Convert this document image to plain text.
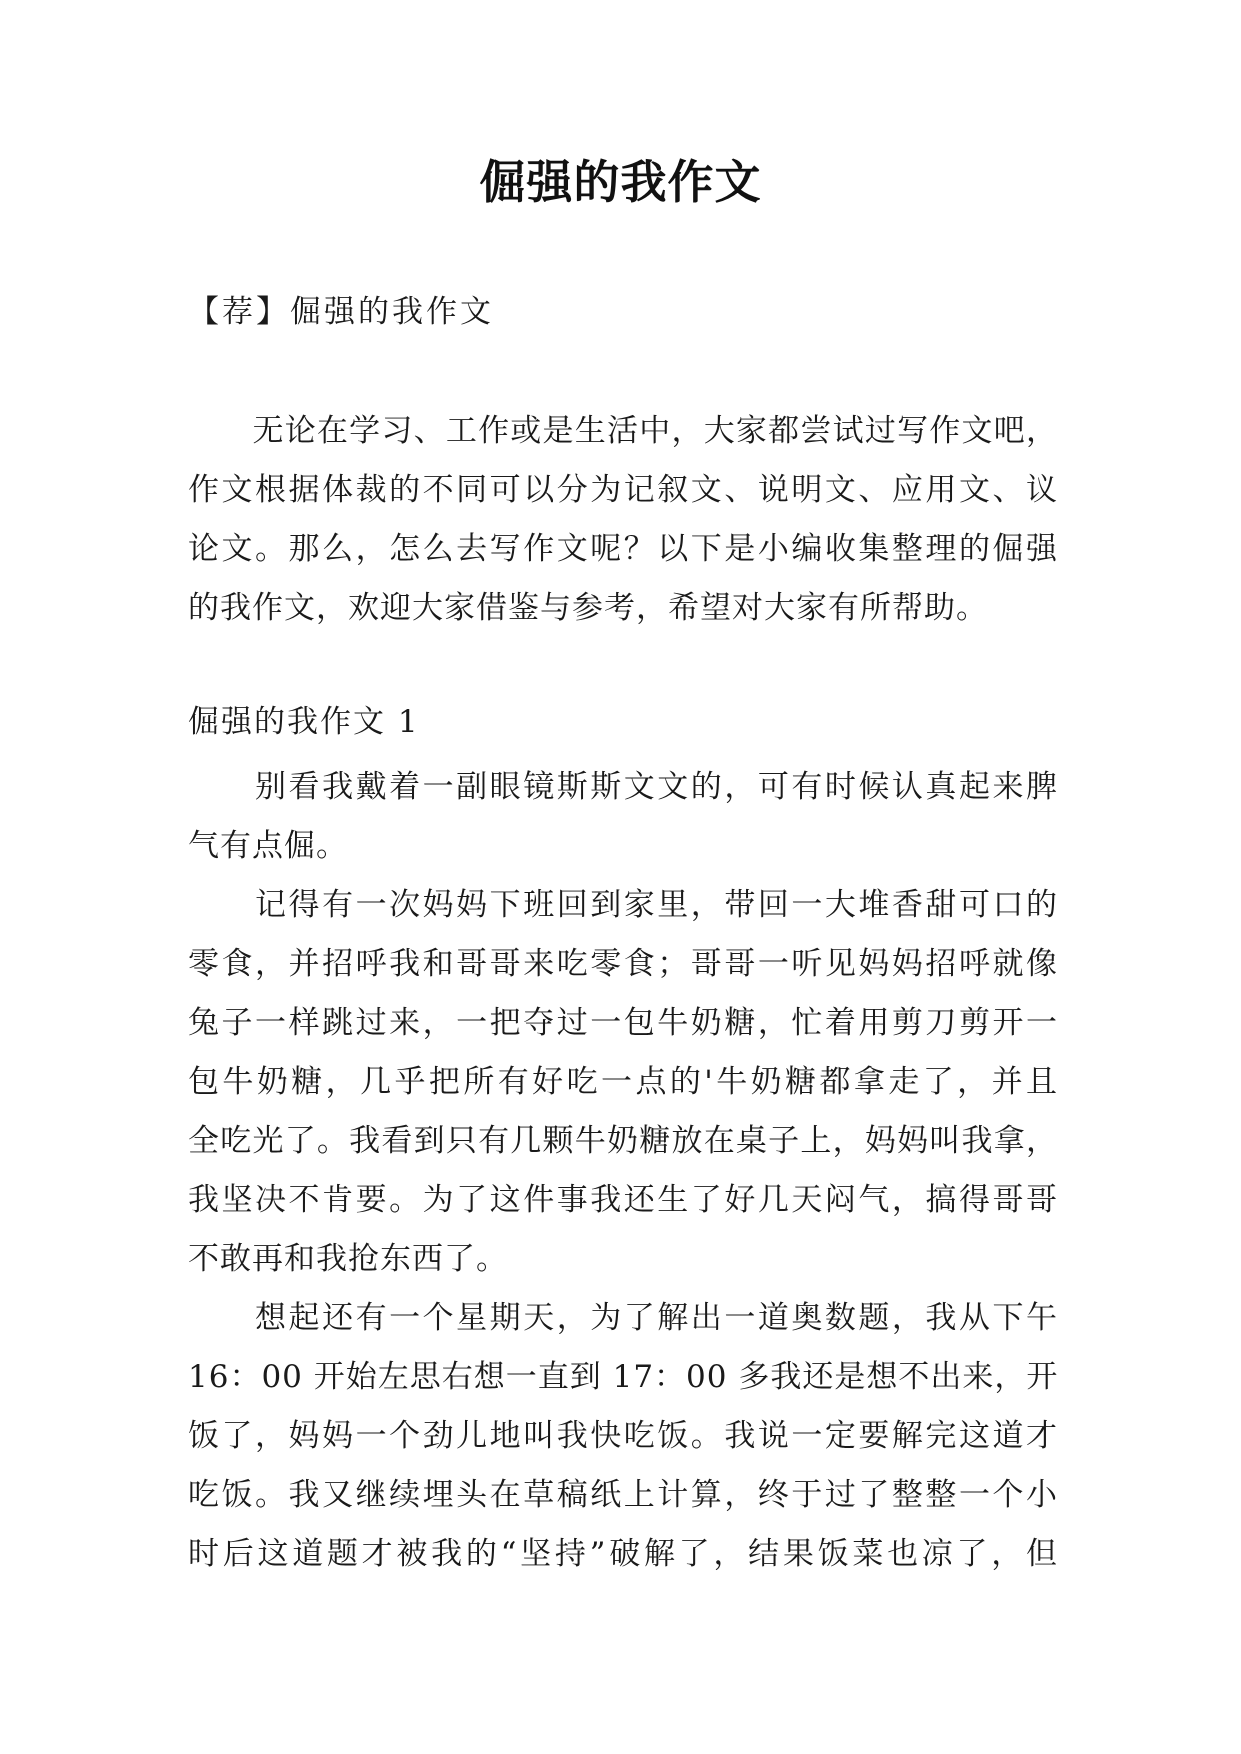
倔强的我作文
【荐】倔强的我作文
　　无论在学习、工作或是生活中，大家都尝试过写作文吧，
作文根据体裁的不同可以分为记叙文、说明文、应用文、议
论文。那么，怎么去写作文呢？以下是小编收集整理的倔强
的我作文，欢迎大家借鉴与参考，希望对大家有所帮助。
倔强的我作文 1
　　别看我戴着一副眼镜斯斯文文的，可有时候认真起来脾
气有点倔。
　　记得有一次妈妈下班回到家里，带回一大堆香甜可口的
零食，并招呼我和哥哥来吃零食；哥哥一听见妈妈招呼就像
兔子一样跳过来，一把夺过一包牛奶糖，忙着用剪刀剪开一
包牛奶糖，几乎把所有好吃一点的'牛奶糖都拿走了，并且
全吃光了。我看到只有几颗牛奶糖放在桌子上，妈妈叫我拿，
我坚决不肯要。为了这件事我还生了好几天闷气，搞得哥哥
不敢再和我抢东西了。
　　想起还有一个星期天，为了解出一道奥数题，我从下午
16：00 开始左思右想一直到 17：00 多我还是想不出来，开
饭了，妈妈一个劲儿地叫我快吃饭。我说一定要解完这道才
吃饭。我又继续埋头在草稿纸上计算，终于过了整整一个小
时后这道题才被我的“坚持”破解了，结果饭菜也凉了，但
